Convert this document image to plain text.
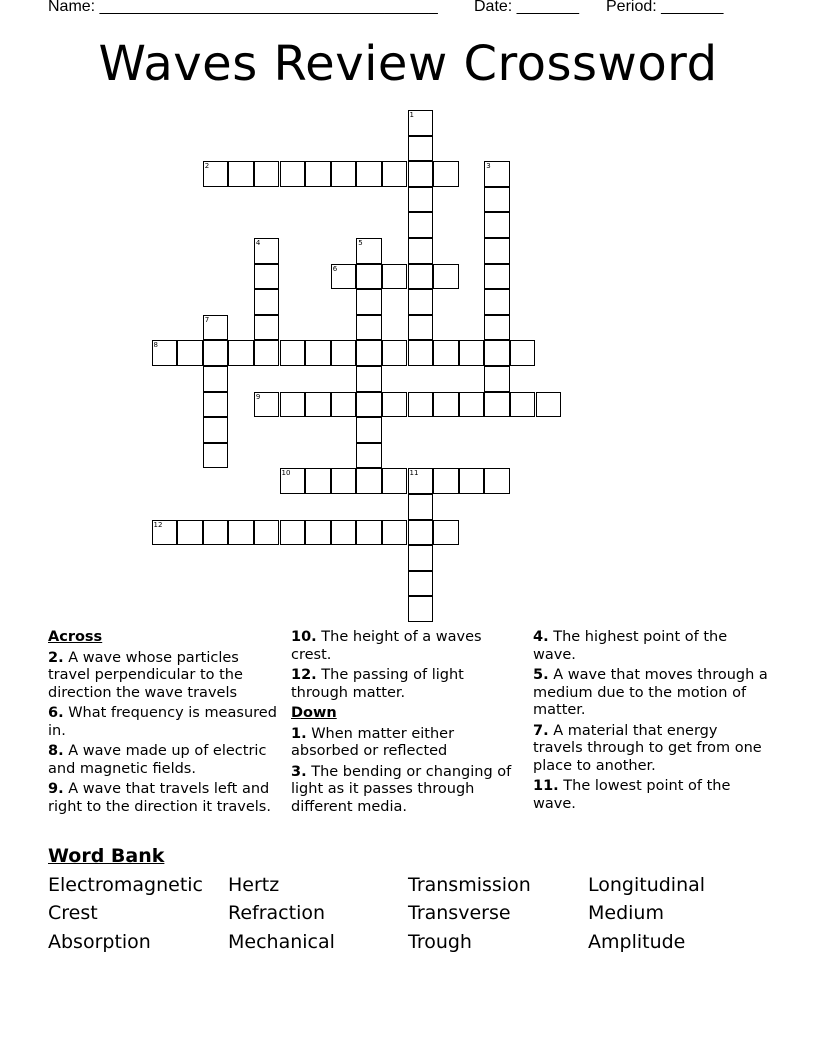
Name: ______________________________________ Date: _______ Period: _______
Waves Review Crossword
1
2	3
4	5
6
7
8
9
10	11
12
Across
2. A wave whose particles travel perpendicular to the direction the wave travels
6. What frequency is measured in.
8. A wave made up of electric and magnetic fields.
9. A wave that travels left and right to the direction it travels.
10. The height of a waves crest.
12. The passing of light through matter.
Down
1. When matter either absorbed or reflected
3. The bending or changing of light as it passes through different media.
4. The highest point of the wave.
5. A wave that moves through a medium due to the motion of matter.
7. A material that energy travels through to get from one place to another.
11. The lowest point of the wave.
Word Bank
Electromagnetic Hertz	Transmission	Longitudinal
Crest	Refraction	Transverse	Medium
Absorption	Mechanical	Trough	Amplitude
